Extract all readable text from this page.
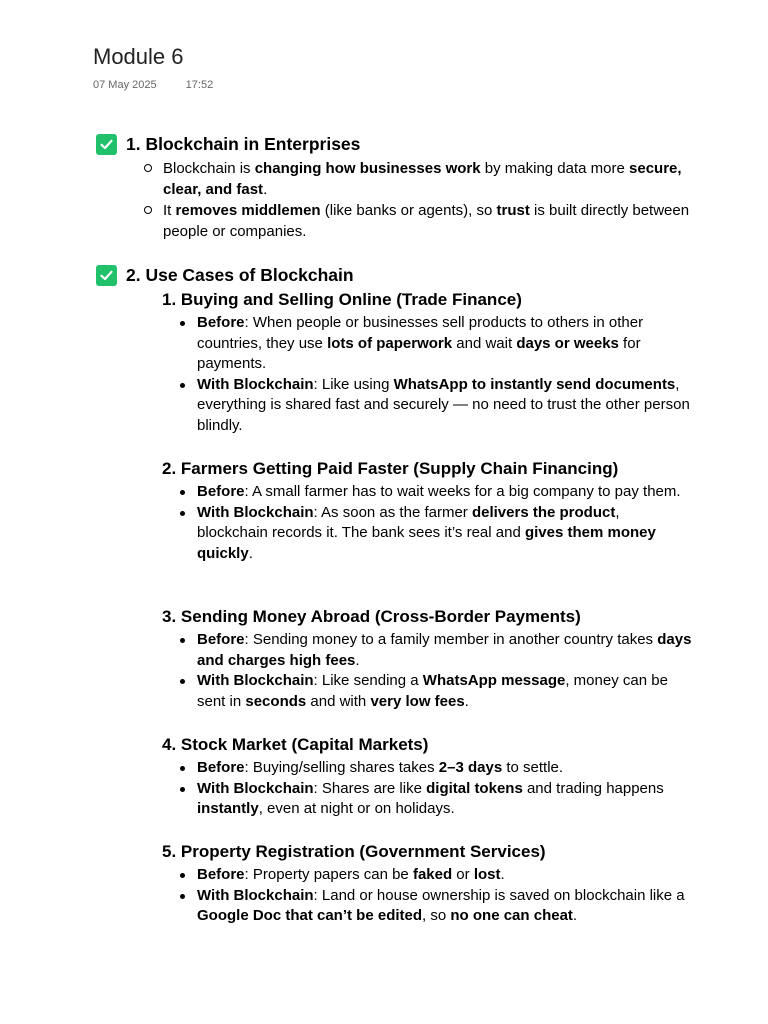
Module 6
07 May 2025	17:52
1. Blockchain in Enterprises
Blockchain is changing how businesses work by making data more secure, clear, and fast.
It removes middlemen (like banks or agents), so trust is built directly between people or companies.
2. Use Cases of Blockchain
1. Buying and Selling Online (Trade Finance)
Before: When people or businesses sell products to others in other countries, they use lots of paperwork and wait days or weeks for payments.
With Blockchain: Like using WhatsApp to instantly send documents, everything is shared fast and securely — no need to trust the other person blindly.
2. Farmers Getting Paid Faster (Supply Chain Financing)
Before: A small farmer has to wait weeks for a big company to pay them.
With Blockchain: As soon as the farmer delivers the product, blockchain records it. The bank sees it’s real and gives them money quickly.
3. Sending Money Abroad (Cross-Border Payments)
Before: Sending money to a family member in another country takes days and charges high fees.
With Blockchain: Like sending a WhatsApp message, money can be sent in seconds and with very low fees.
4. Stock Market (Capital Markets)
Before: Buying/selling shares takes 2–3 days to settle.
With Blockchain: Shares are like digital tokens and trading happens instantly, even at night or on holidays.
5. Property Registration (Government Services)
Before: Property papers can be faked or lost.
With Blockchain: Land or house ownership is saved on blockchain like a Google Doc that can’t be edited, so no one can cheat.
